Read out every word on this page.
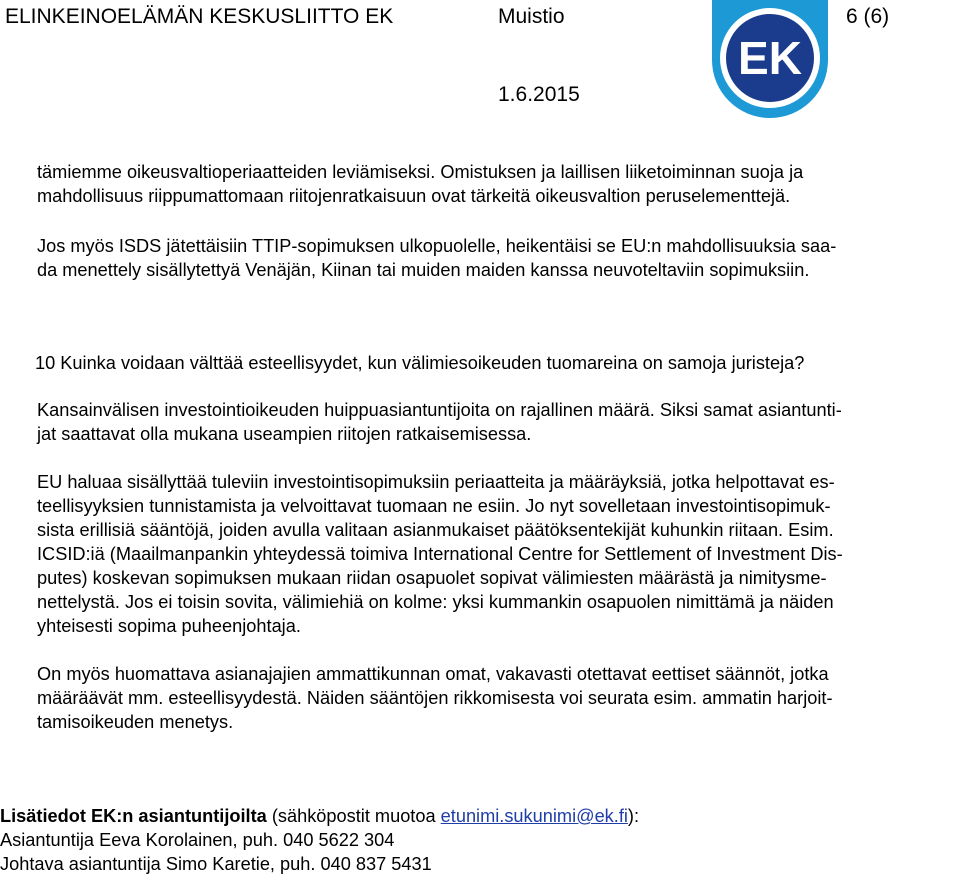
ELINKEINOELÄMÄN KESKUSLIITTO EK	Muistio	6 (6)
1.6.2015
EK

tämiemme oikeusvaltioperiaatteiden leviämiseksi. Omistuksen ja laillisen liiketoiminnan suoja ja

mahdollisuus riippumattomaan riitojenratkaisuun ovat tärkeitä oikeusvaltion peruselementtejä.

Jos myös ISDS jätettäisiin TTIP-sopimuksen ulkopuolelle, heikentäisi se EU:n mahdollisuuksia saa-

da menettely sisällytettyä Venäjän, Kiinan tai muiden maiden kanssa neuvoteltaviin sopimuksiin.

10 Kuinka voidaan välttää esteellisyydet, kun välimiesoikeuden tuomareina on samoja juristeja?

Kansainvälisen investointioikeuden huippuasiantuntijoita on rajallinen määrä. Siksi samat asiantunti-

jat saattavat olla mukana useampien riitojen ratkaisemisessa.

EU haluaa sisällyttää tuleviin investointisopimuksiin periaatteita ja määräyksiä, jotka helpottavat es-

teellisyyksien tunnistamista ja velvoittavat tuomaan ne esiin. Jo nyt sovelletaan investointisopimuk-

sista erillisiä sääntöjä, joiden avulla valitaan asianmukaiset päätöksentekijät kuhunkin riitaan. Esim.

ICSID:iä (Maailmanpankin yhteydessä toimiva International Centre for Settlement of Investment Dis-

putes) koskevan sopimuksen mukaan riidan osapuolet sopivat välimiesten määrästä ja nimitysme-

nettelystä. Jos ei toisin sovita, välimiehiä on kolme: yksi kummankin osapuolen nimittämä ja näiden

yhteisesti sopima puheenjohtaja.

On myös huomattava asianajajien ammattikunnan omat, vakavasti otettavat eettiset säännöt, jotka

määräävät mm. esteellisyydestä. Näiden sääntöjen rikkomisesta voi seurata esim. ammatin harjoit-

tamisoikeuden menetys.

Lisätiedot EK:n asiantuntijoilta (sähköpostit muotoa etunimi.sukunimi@ek.fi):

Asiantuntija Eeva Korolainen, puh. 040 5622 304

Johtava asiantuntija Simo Karetie, puh. 040 837 5431
